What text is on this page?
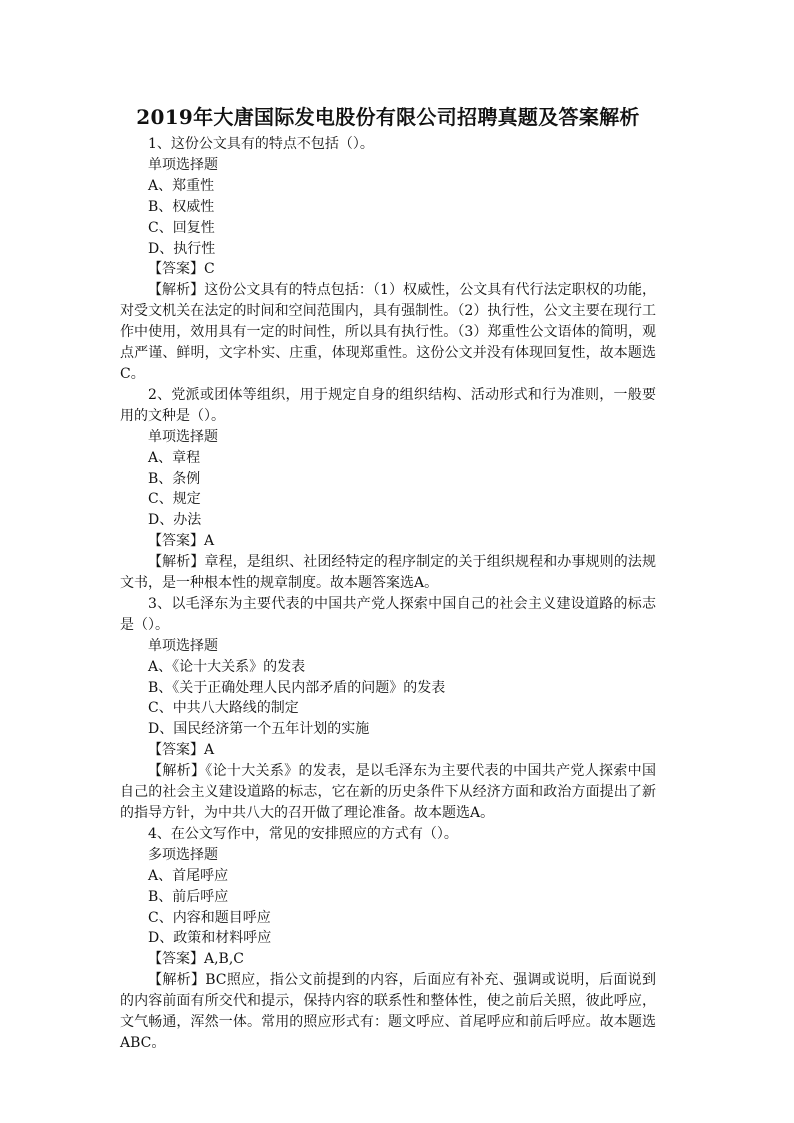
2019年大唐国际发电股份有限公司招聘真题及答案解析
1、这份公文具有的特点不包括（）。
单项选择题
A、郑重性
B、权威性
C、回复性
D、执行性
【答案】C
【解析】这份公文具有的特点包括：（1）权威性，公文具有代行法定职权的功能，对受文机关在法定的时间和空间范围内，具有强制性。（2）执行性，公文主要在现行工作中使用，效用具有一定的时间性，所以具有执行性。（3）郑重性公文语体的简明，观点严谨、鲜明，文字朴实、庄重，体现郑重性。这份公文并没有体现回复性，故本题选C。
2、党派或团体等组织，用于规定自身的组织结构、活动形式和行为准则，一般要用的文种是（）。
单项选择题
A、章程
B、条例
C、规定
D、办法
【答案】A
【解析】章程，是组织、社团经特定的程序制定的关于组织规程和办事规则的法规文书，是一种根本性的规章制度。故本题答案选A。
3、以毛泽东为主要代表的中国共产党人探索中国自己的社会主义建设道路的标志是（）。
单项选择题
A、《论十大关系》的发表
B、《关于正确处理人民内部矛盾的问题》的发表
C、中共八大路线的制定
D、国民经济第一个五年计划的实施
【答案】A
【解析】《论十大关系》的发表，是以毛泽东为主要代表的中国共产党人探索中国自己的社会主义建设道路的标志，它在新的历史条件下从经济方面和政治方面提出了新的指导方针，为中共八大的召开做了理论准备。故本题选A。
4、在公文写作中，常见的安排照应的方式有（）。
多项选择题
A、首尾呼应
B、前后呼应
C、内容和题目呼应
D、政策和材料呼应
【答案】A,B,C
【解析】BC照应，指公文前提到的内容，后面应有补充、强调或说明，后面说到的内容前面有所交代和提示，保持内容的联系性和整体性，使之前后关照，彼此呼应，文气畅通，浑然一体。常用的照应形式有：题文呼应、首尾呼应和前后呼应。故本题选ABC。
